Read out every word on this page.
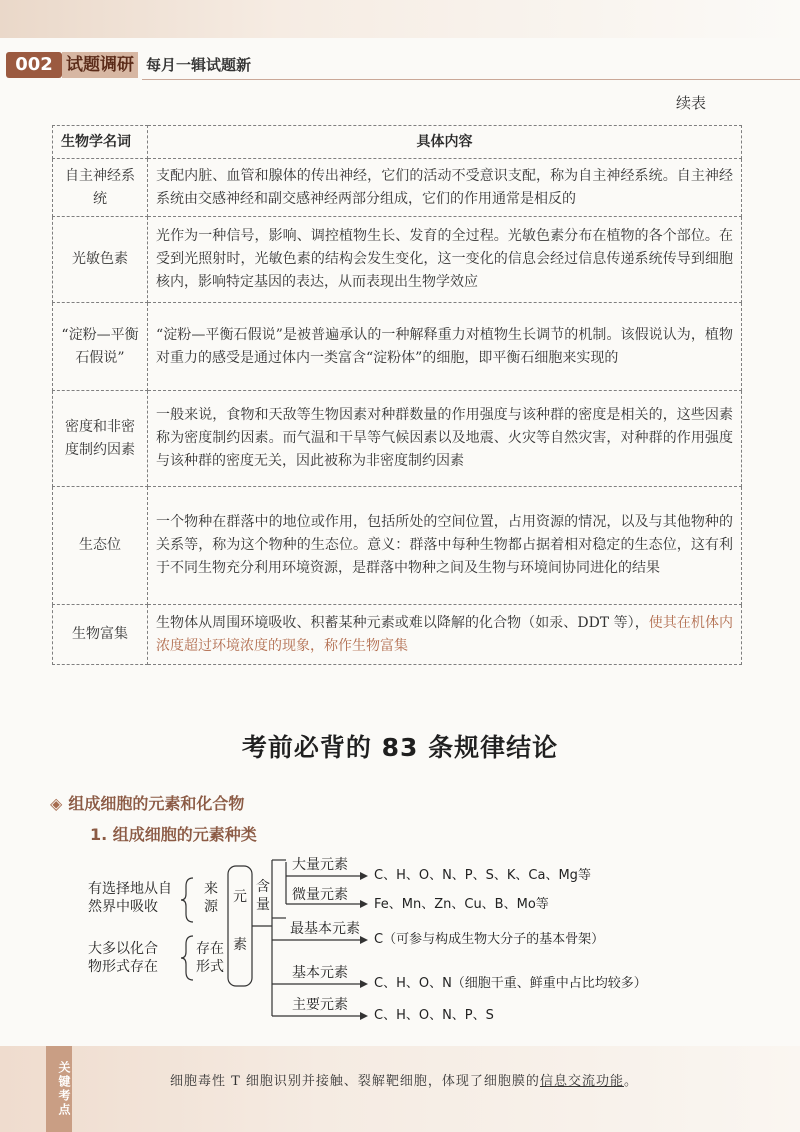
002 试题调研 每月一辑试题新
续表
生物学名词	具体内容
自主神经系统	支配内脏、血管和腺体的传出神经，它们的活动不受意识支配，称为自主神经系统。自主神经系统由交感神经和副交感神经两部分组成，它们的作用通常是相反的
光敏色素	光作为一种信号，影响、调控植物生长、发育的全过程。光敏色素分布在植物的各个部位。在受到光照射时，光敏色素的结构会发生变化，这一变化的信息会经过信息传递系统传导到细胞核内，影响特定基因的表达，从而表现出生物学效应
“淀粉—平衡石假说”	“淀粉—平衡石假说”是被普遍承认的一种解释重力对植物生长调节的机制。该假说认为，植物对重力的感受是通过体内一类富含“淀粉体”的细胞，即平衡石细胞来实现的
密度和非密度制约因素	一般来说，食物和天敌等生物因素对种群数量的作用强度与该种群的密度是相关的，这些因素称为密度制约因素。而气温和干旱等气候因素以及地震、火灾等自然灾害，对种群的作用强度与该种群的密度无关，因此被称为非密度制约因素
生态位	一个物种在群落中的地位或作用，包括所处的空间位置，占用资源的情况，以及与其他物种的关系等，称为这个物种的生态位。意义：群落中每种生物都占据着相对稳定的生态位，这有利于不同生物充分利用环境资源，是群落中物种之间及生物与环境间协同进化的结果
生物富集	生物体从周围环境吸收、积蓄某种元素或难以降解的化合物（如汞、DDT 等），使其在机体内浓度超过环境浓度的现象，称作生物富集
考前必背的 83 条规律结论
◈ 组成细胞的元素和化合物
1. 组成细胞的元素种类
有选择地从自
然界中吸收
来
源
大多以化合
物形式存在
存在
形式
元
素
含
量
大量元素
C、H、O、N、P、S、K、Ca、Mg等
微量元素
Fe、Mn、Zn、Cu、B、Mo等
最基本元素
C（可参与构成生物大分子的基本骨架）
基本元素
C、H、O、N（细胞干重、鲜重中占比均较多）
主要元素
C、H、O、N、P、S
关键考点	细胞毒性 T 细胞识别并接触、裂解靶细胞，体现了细胞膜的信息交流功能。
